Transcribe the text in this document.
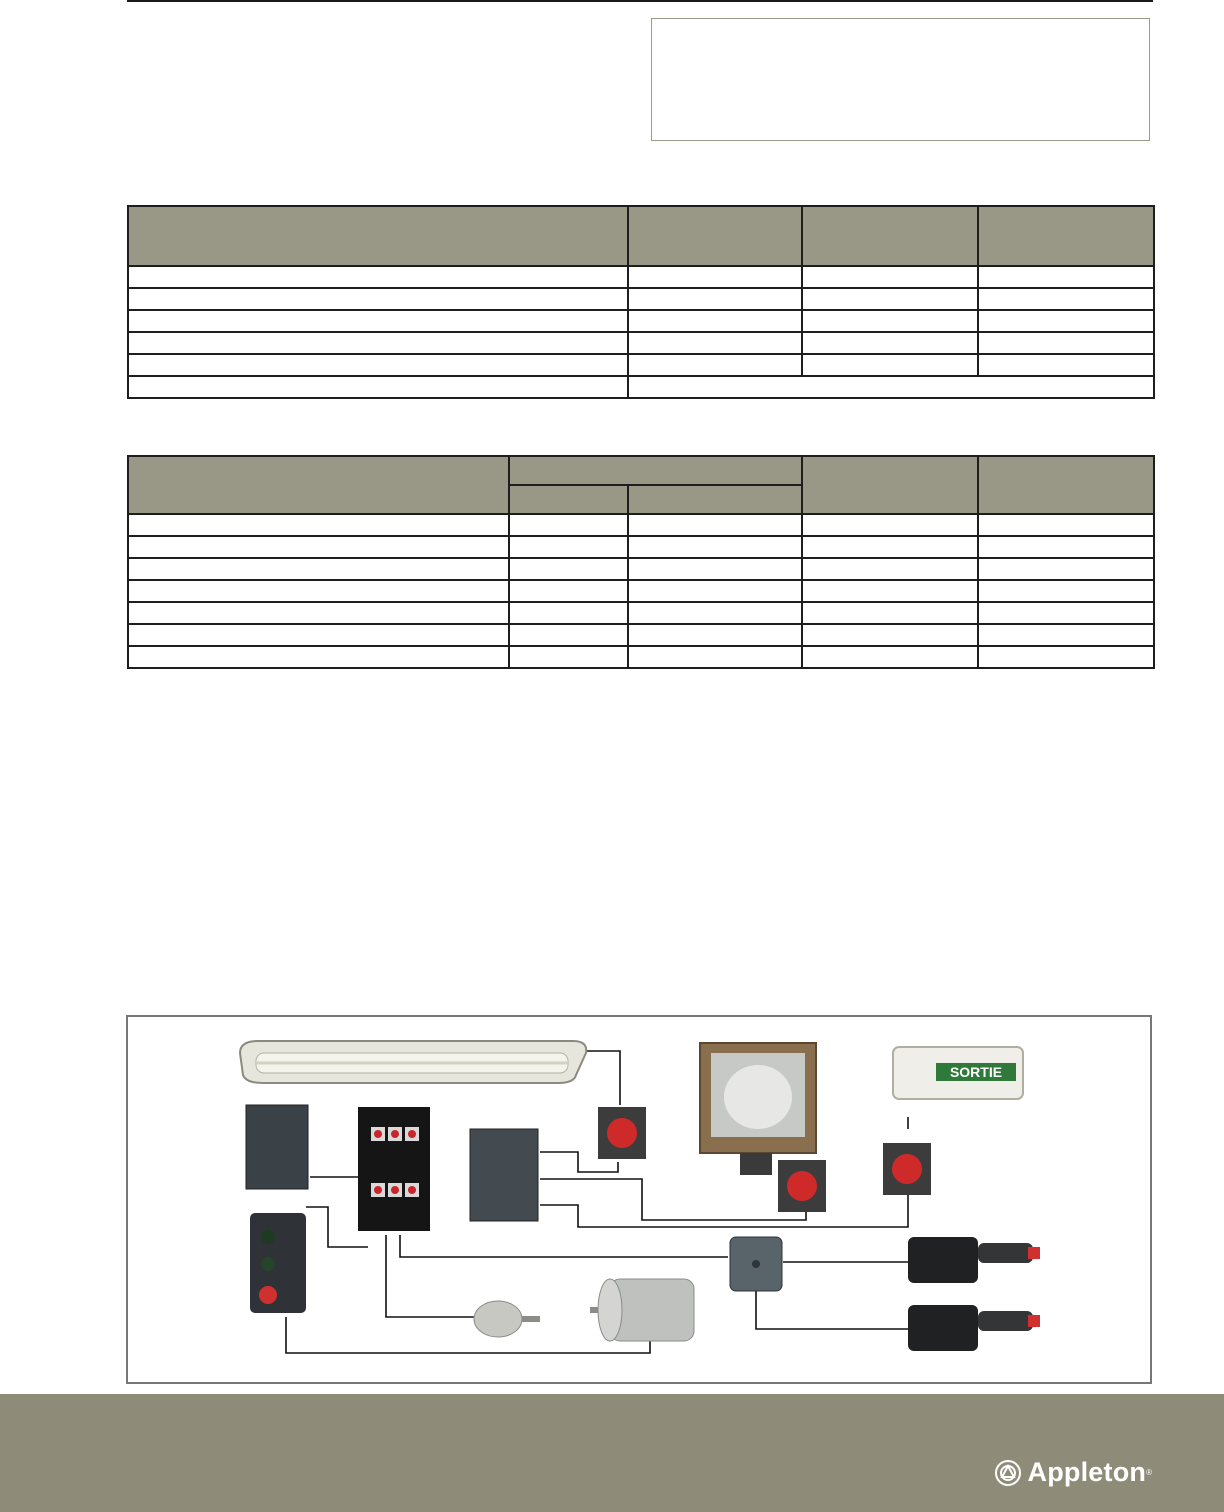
SORTIE
Appleton ®
